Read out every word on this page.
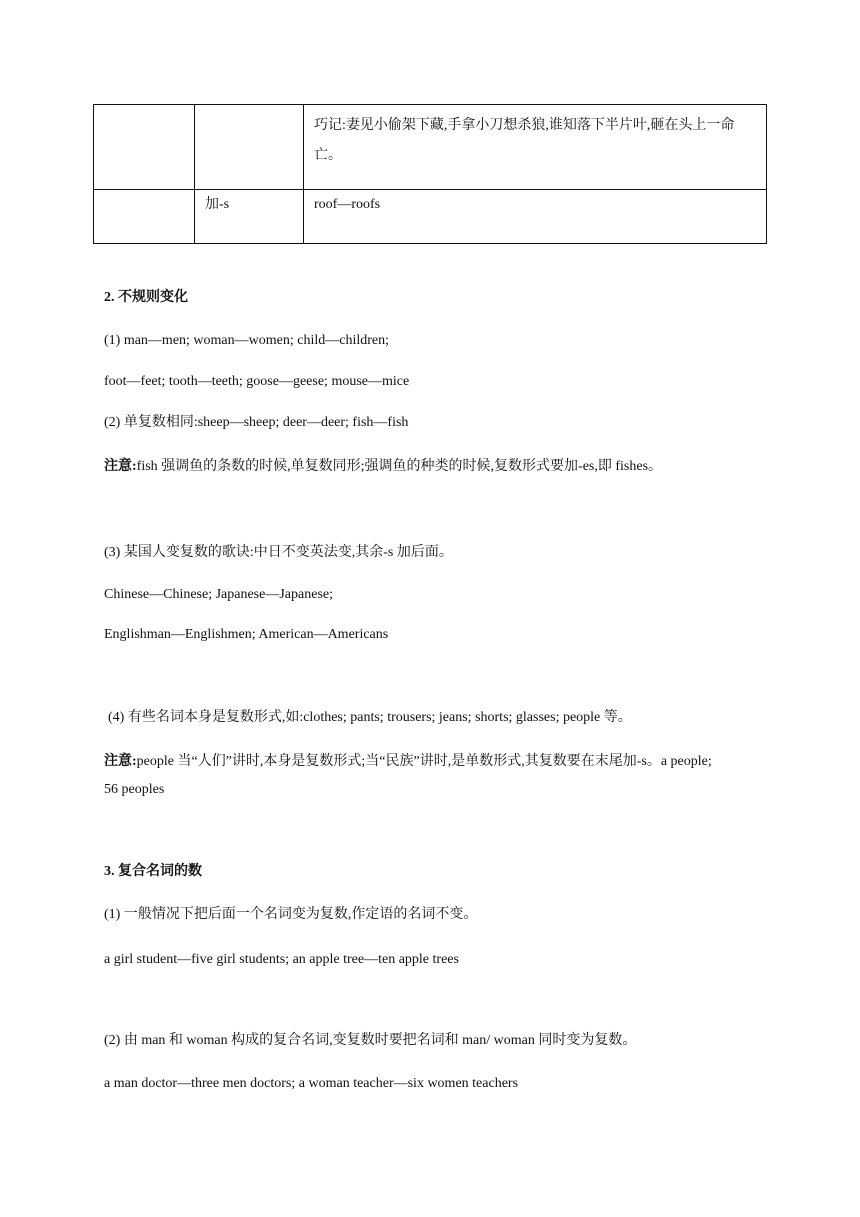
		巧记:妻见小偷架下藏,手拿小刀想杀狼,谁知落下半片叶,砸在头上一命亡。

	加-s	roof—roofs
2. 不规则变化
(1) man—men; woman—women; child—children;
foot—feet; tooth—teeth; goose—geese; mouse—mice
(2) 单复数相同:sheep—sheep; deer—deer; fish—fish
注意:fish 强调鱼的条数的时候,单复数同形;强调鱼的种类的时候,复数形式要加-es,即 fishes。
(3) 某国人变复数的歌诀:中日不变英法变,其余-s 加后面。
Chinese—Chinese; Japanese—Japanese;
Englishman—Englishmen; American—Americans
(4) 有些名词本身是复数形式,如:clothes; pants; trousers; jeans; shorts; glasses; people 等。
注意:people 当“人们”讲时,本身是复数形式;当“民族”讲时,是单数形式,其复数要在末尾加-s。a people; 56 peoples
3. 复合名词的数
(1) 一般情况下把后面一个名词变为复数,作定语的名词不变。
a girl student—five girl students; an apple tree—ten apple trees
(2) 由 man 和 woman 构成的复合名词,变复数时要把名词和 man/ woman 同时变为复数。
a man doctor—three men doctors; a woman teacher—six women teachers
